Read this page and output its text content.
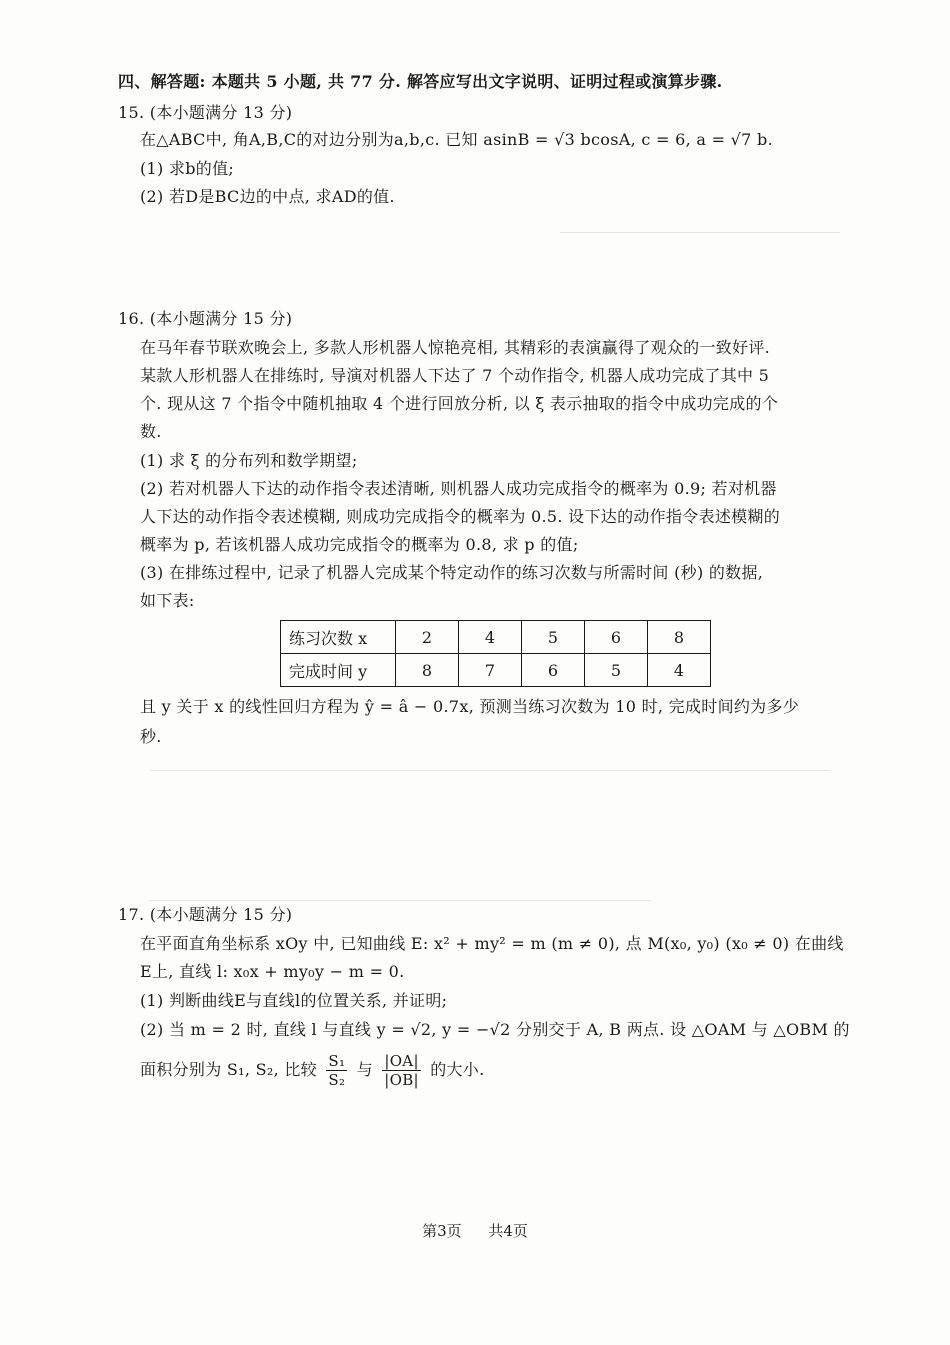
四、解答题: 本题共 5 小题, 共 77 分. 解答应写出文字说明、证明过程或演算步骤.
15. (本小题满分 13 分)
在△ABC中, 角A,B,C的对边分别为a,b,c. 已知 asinB = √3 bcosA, c = 6, a = √7 b.
(1) 求b的值;
(2) 若D是BC边的中点, 求AD的值.
16. (本小题满分 15 分)
在马年春节联欢晚会上, 多款人形机器人惊艳亮相, 其精彩的表演赢得了观众的一致好评.
某款人形机器人在排练时, 导演对机器人下达了 7 个动作指令, 机器人成功完成了其中 5
个. 现从这 7 个指令中随机抽取 4 个进行回放分析, 以 ξ 表示抽取的指令中成功完成的个
数.
(1) 求 ξ 的分布列和数学期望;
(2) 若对机器人下达的动作指令表述清晰, 则机器人成功完成指令的概率为 0.9; 若对机器
人下达的动作指令表述模糊, 则成功完成指令的概率为 0.5. 设下达的动作指令表述模糊的
概率为 p, 若该机器人成功完成指令的概率为 0.8, 求 p 的值;
(3) 在排练过程中, 记录了机器人完成某个特定动作的练习次数与所需时间 (秒) 的数据,
如下表:
练习次数 x	2	4	5	6	8
完成时间 y	8	7	6	5	4
且 y 关于 x 的线性回归方程为 ŷ = â − 0.7x, 预测当练习次数为 10 时, 完成时间约为多少
秒.
17. (本小题满分 15 分)
在平面直角坐标系 xOy 中, 已知曲线 E: x² + my² = m (m ≠ 0), 点 M(x₀, y₀) (x₀ ≠ 0) 在曲线
E上, 直线 l: x₀x + my₀y − m = 0.
(1) 判断曲线E与直线l的位置关系, 并证明;
(2) 当 m = 2 时, 直线 l 与直线 y = √2, y = −√2 分别交于 A, B 两点. 设 △OAM 与 △OBM 的
面积分别为 S₁, S₂, 比较 $\frac{\text{S₁}}{\text{S₂}}$ 与 $\frac{|OA|}{|OB|}$ 的大小.
第3页 共4页
